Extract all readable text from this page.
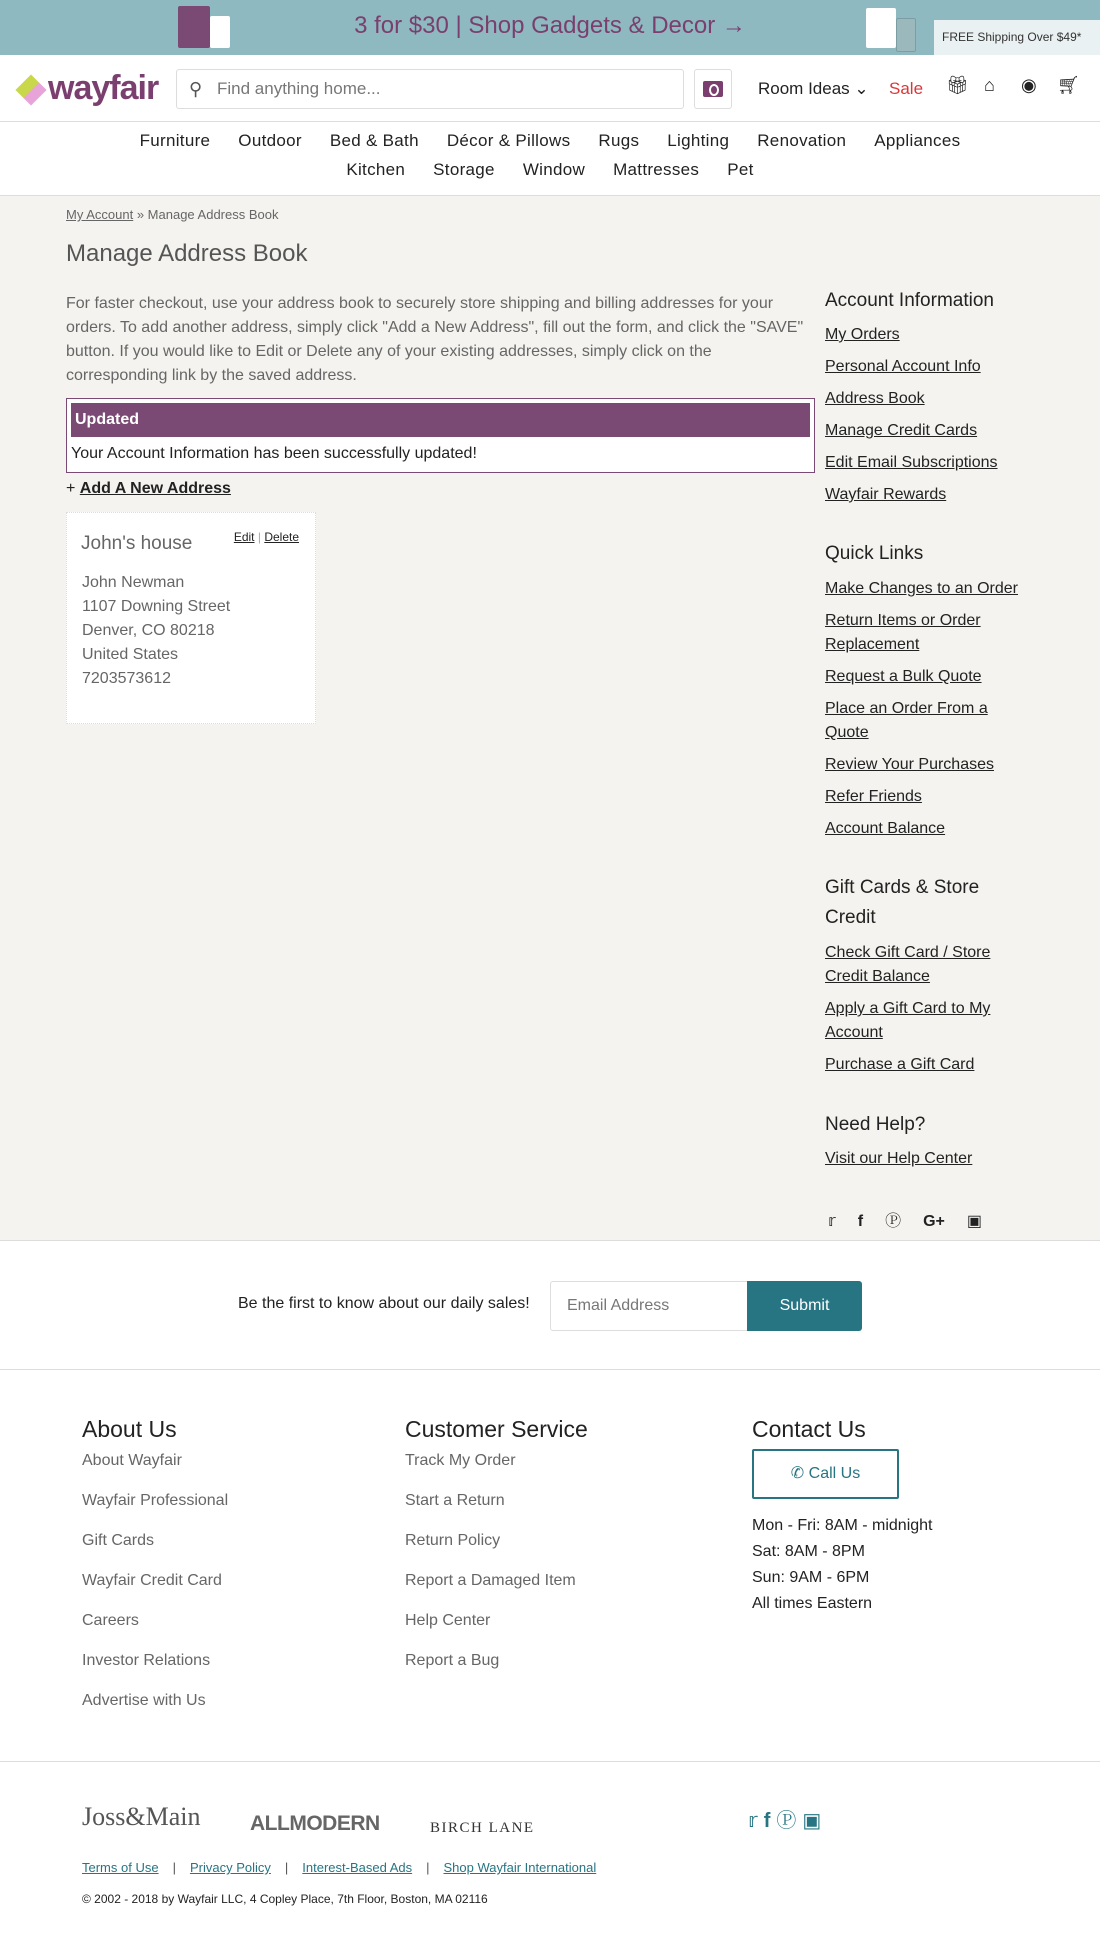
3 for $30 | Shop Gadgets & Decor →	FREE Shipping Over $49*
wayfair ⚲
Find anything home...	Room Ideas ⌄ Sale 🎁︎ ⌂ ◉ 🛒︎
Furniture Outdoor Bed & Bath Décor & Pillows Rugs Lighting Renovation Appliances
Kitchen Storage Window Mattresses Pet
My Account » Manage Address Book
Manage Address Book

For faster checkout, use your address book to securely store shipping and billing addresses for your orders. To add another address, simply click "Add a New Address", fill out the form, and click the "SAVE" button. If you would like to Edit or Delete any of your existing addresses, simply click on the corresponding link by the saved address.

Updated
Your Account Information has been successfully updated!
+ Add A New Address
John's house	Edit | Delete
John Newman
1107 Downing Street
Denver, CO 80218
United States
7203573612
Account Information
My Orders
Personal Account Info
Address Book
Manage Credit Cards
Edit Email Subscriptions
Wayfair Rewards
Quick Links
Make Changes to an Order
Return Items or Order Replacement
Request a Bulk Quote
Place an Order From a Quote
Review Your Purchases
Refer Friends
Account Balance
Gift Cards & Store Credit
Check Gift Card / Store Credit Balance
Apply a Gift Card to My Account
Purchase a Gift Card
Need Help?
Visit our Help Center
𝕣 f Ⓟ G+ ▣
Be the first to know about our daily sales!
Email Address	Submit
About Us
About Wayfair
Wayfair Professional
Gift Cards
Wayfair Credit Card
Careers
Investor Relations
Advertise with Us
Customer Service
Track My Order
Start a Return
Return Policy
Report a Damaged Item
Help Center
Report a Bug
Contact Us
✆ Call Us
Mon - Fri: 8AM - midnight
Sat: 8AM - 8PM
Sun: 9AM - 6PM
All times Eastern
Joss&Main ALLMODERN	BIRCH LANE	𝕣 f Ⓟ ▣
Terms of Use | Privacy Policy | Interest-Based Ads | Shop Wayfair International
© 2002 - 2018 by Wayfair LLC, 4 Copley Place, 7th Floor, Boston, MA 02116
